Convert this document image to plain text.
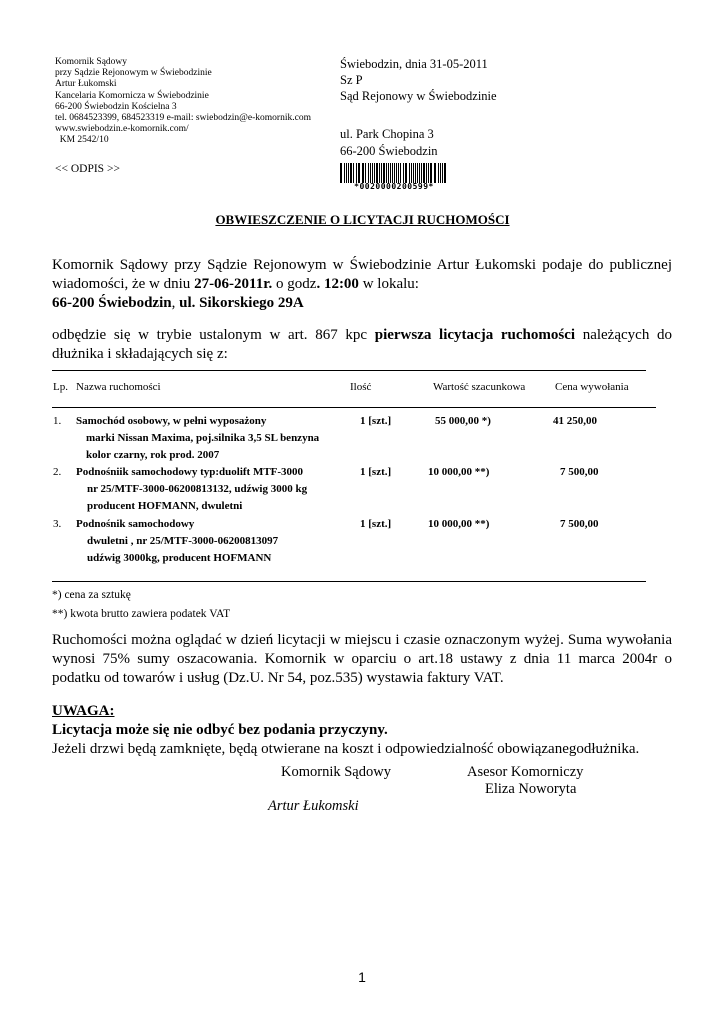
Komornik Sądowy
przy Sądzie Rejonowym w Świebodzinie
Artur Łukomski
Kancelaria Komornicza w Świebodzinie
66-200 Świebodzin Kościelna 3
tel. 0684523399, 684523319 e-mail: swiebodzin@e-komornik.com
www.swiebodzin.e-komornik.com/
KM 2542/10
<< ODPIS >>
Świebodzin, dnia 31-05-2011
Sz P
Sąd Rejonowy w Świebodzinie
ul. Park Chopina 3
66-200 Świebodzin
*0020000200599*
OBWIESZCZENIE O LICYTACJI RUCHOMOŚCI
Komornik Sądowy przy Sądzie Rejonowym w Świebodzinie Artur Łukomski podaje do publicznej wiadomości, że w dniu 27-06-2011r. o godz. 12:00 w lokalu:
66-200 Świebodzin, ul. Sikorskiego 29A
odbędzie się w trybie ustalonym w art. 867 kpc pierwsza licytacja ruchomości należących do dłużnika i składających się z:
Lp. Nazwa ruchomości	Ilość	Wartość szacunkowa	Cena wywołania
1. Samochód osobowy, w pełni wyposażony
marki Nissan Maxima, poj.silnika 3,5 SL benzyna
kolor czarny, rok prod. 2007
1 [szt.]	55 000,00 *)	41 250,00
2. Podnośniik samochodowy typ:duolift MTF-3000
nr 25/MTF-3000-06200813132, udźwig 3000 kg
producent HOFMANN, dwuletni
1 [szt.]	10 000,00 **)	7 500,00
3. Podnośnik samochodowy
dwuletni , nr 25/MTF-3000-06200813097
udźwig 3000kg, producent HOFMANN
1 [szt.]	10 000,00 **)	7 500,00
*) cena za sztukę
**) kwota brutto zawiera podatek VAT
Ruchomości można oglądać w dzień licytacji w miejscu i czasie oznaczonym wyżej. Suma wywołania wynosi 75% sumy oszacowania. Komornik w oparciu o art.18 ustawy z dnia 11 marca 2004r o podatku od towarów i usług (Dz.U. Nr 54, poz.535) wystawia faktury VAT.
UWAGA:
Licytacja może się nie odbyć bez podania przyczyny.
Jeżeli drzwi będą zamknięte, będą otwierane na koszt i odpowiedzialność obowiązanegodłużnika.
Komornik Sądowy	Asesor Komorniczy
Eliza Noworyta
Artur Łukomski
1
